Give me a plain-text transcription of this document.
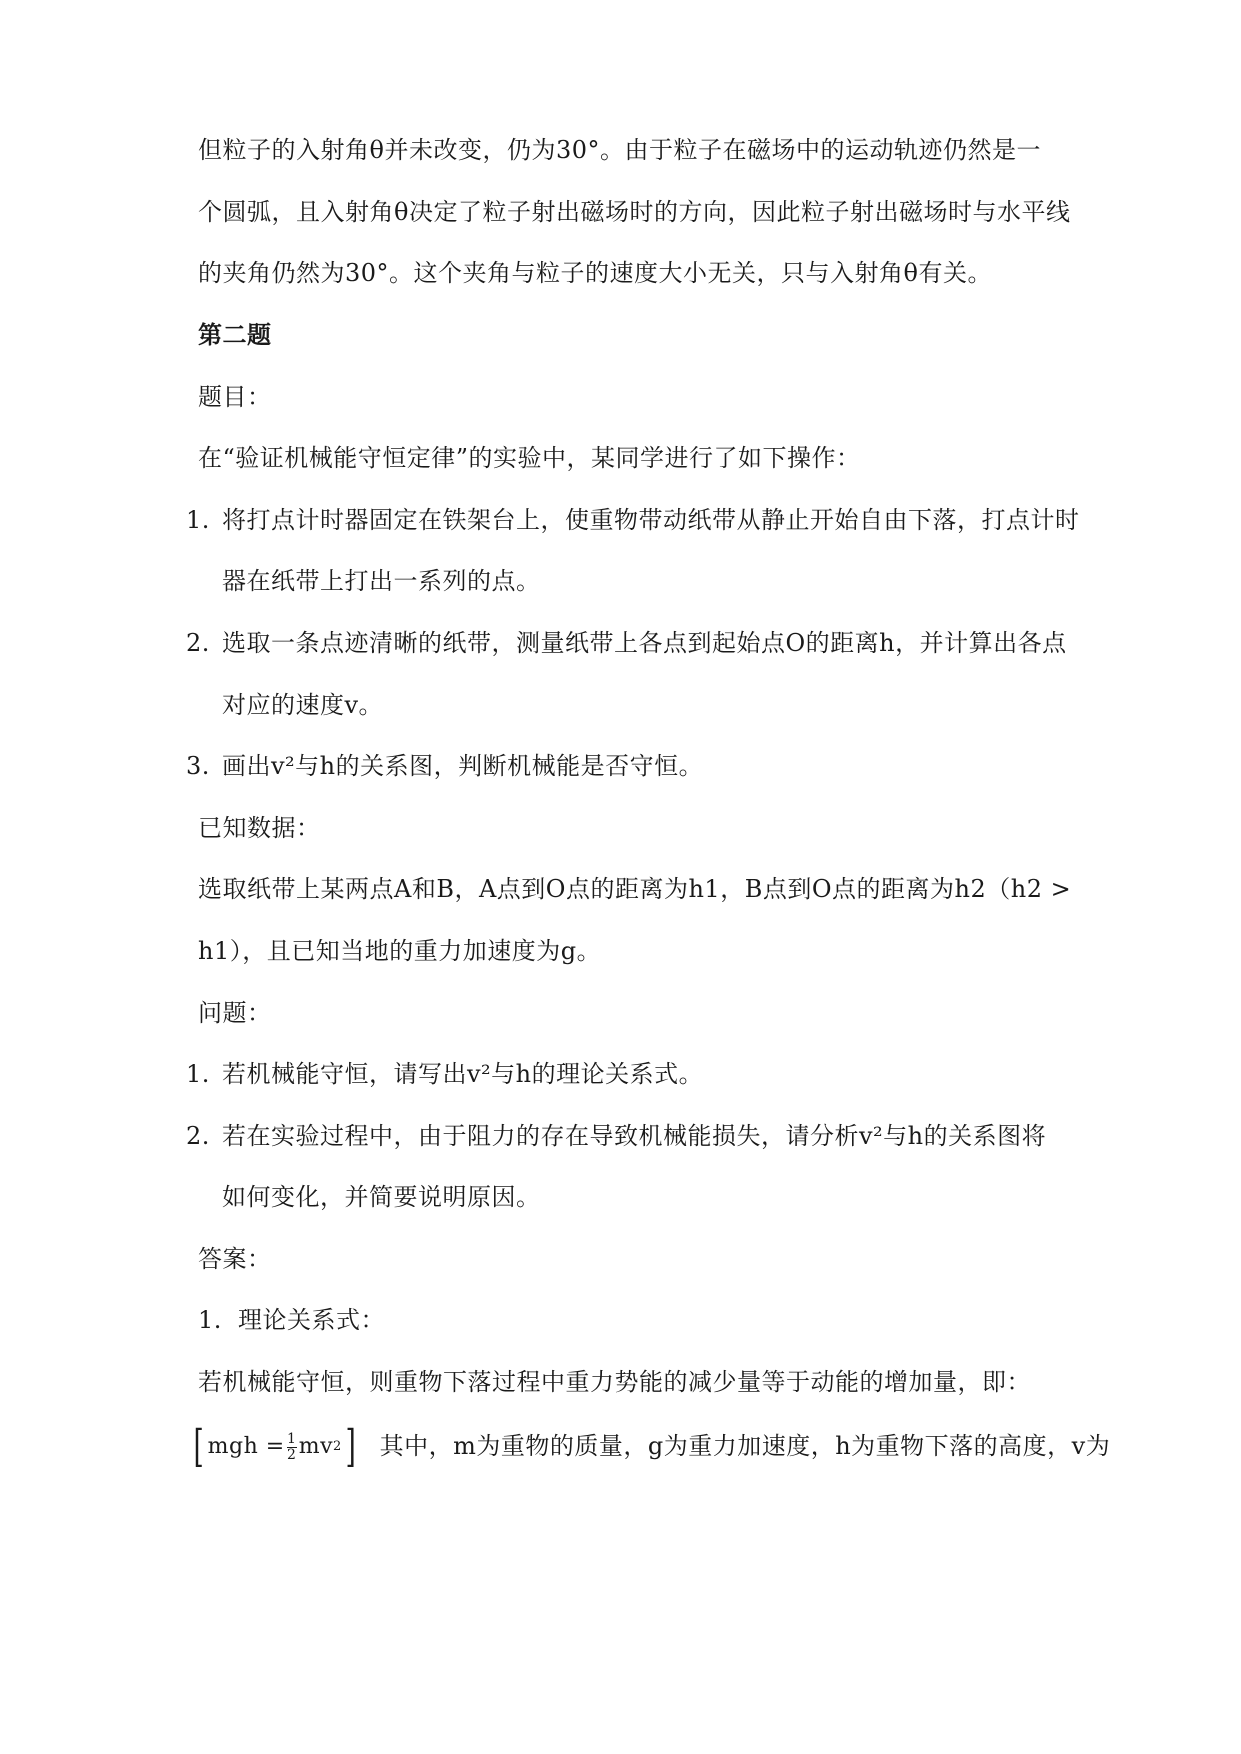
但粒子的入射角θ并未改变，仍为30°。由于粒子在磁场中的运动轨迹仍然是一
个圆弧，且入射角θ决定了粒子射出磁场时的方向，因此粒子射出磁场时与水平线
的夹角仍然为30°。这个夹角与粒子的速度大小无关，只与入射角θ有关。
第二题
题目：
在“验证机械能守恒定律”的实验中，某同学进行了如下操作：
1. 将打点计时器固定在铁架台上，使重物带动纸带从静止开始自由下落，打点计时
器在纸带上打出一系列的点。
2. 选取一条点迹清晰的纸带，测量纸带上各点到起始点O的距离h，并计算出各点
对应的速度v。
3. 画出v²与h的关系图，判断机械能是否守恒。
已知数据：
选取纸带上某两点A和B，A点到O点的距离为h1，B点到O点的距离为h2（h2 >
h1），且已知当地的重力加速度为g。
问题：
1. 若机械能守恒，请写出v²与h的理论关系式。
2. 若在实验过程中，由于阻力的存在导致机械能损失，请分析v²与h的关系图将
如何变化，并简要说明原因。
答案：
1. 理论关系式：
若机械能守恒，则重物下落过程中重力势能的减少量等于动能的增加量，即：
[ mgh = $\frac{1}{2}$ mv 2 ] 其中，m为重物的质量，g为重力加速度，h为重物下落的高度，v为
